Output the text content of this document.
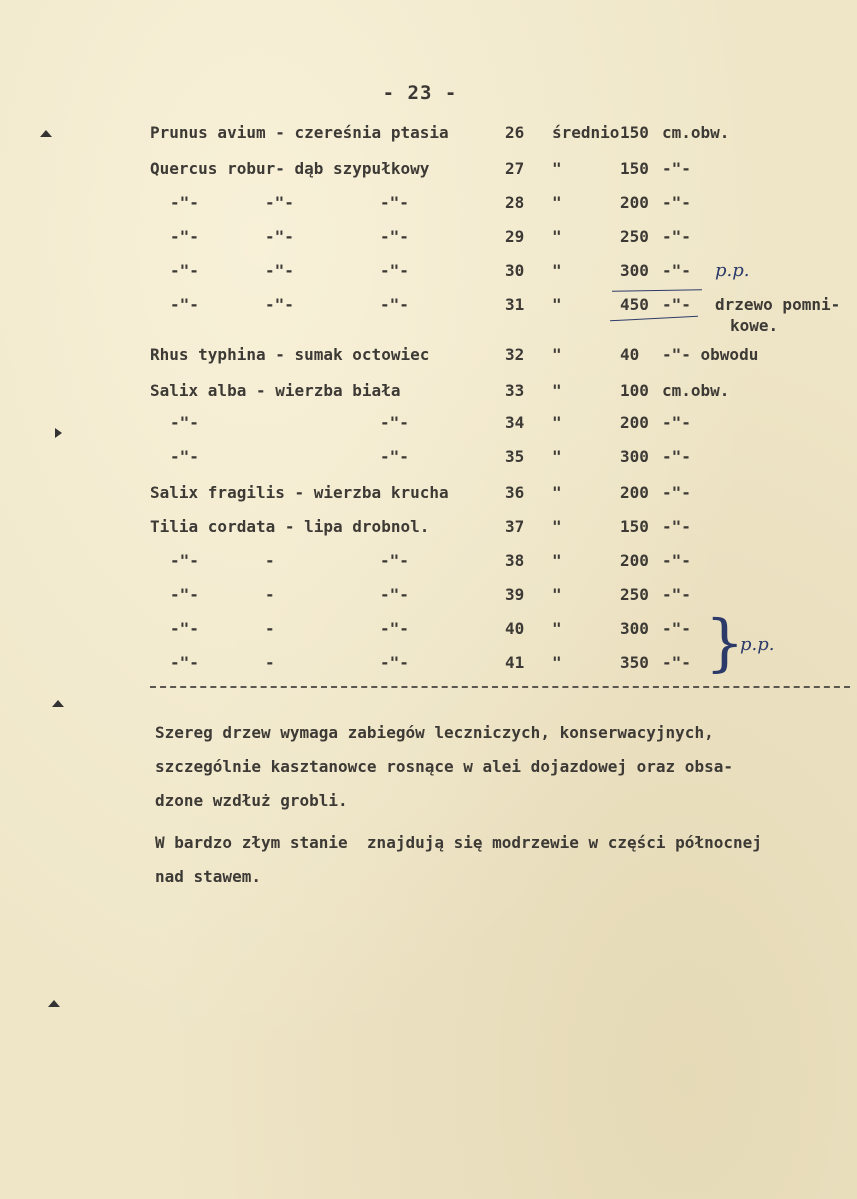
- 23 -
Prunus avium - czereśnia ptasia	26 średnio 150 cm.obw.
Quercus robur- dąb szypułkowy	27 "	150 -"-
-"-	-"-	-"-	28 "	200 -"-
-"-	-"-	-"-	29 "	250 -"-
-"-	-"-	-"-	30 "	300 -"- p.p.
-"-	-"-	-"-	31 "	450 -"- drzewo pomni-
Rhus typhina - sumak octowiec	32 "	40 -"- obwodu
Salix alba - wierzba biała	33 "	100 cm.obw.
-"-	-"-	34 "	200 -"-
-"-	-"-	35 "	300 -"-
Salix fragilis - wierzba krucha	36 "	200 -"-
Tilia cordata - lipa drobnol.	37 "	150 -"-
-"-	-	-"-	38 "	200 -"-
-"-	-	-"-	39 "	250 -"-
-"-	-	-"-	40 "	300 -"-
-"-	-	-"-	41 "	350 -"-
kowe.
}
p.p.
Szereg drzew wymaga zabiegów leczniczych, konserwacyjnych,
szczególnie kasztanowce rosnące w alei dojazdowej oraz obsa-
dzone wzdłuż grobli.
W bardzo złym stanie  znajdują się modrzewie w części północnej
nad stawem.
